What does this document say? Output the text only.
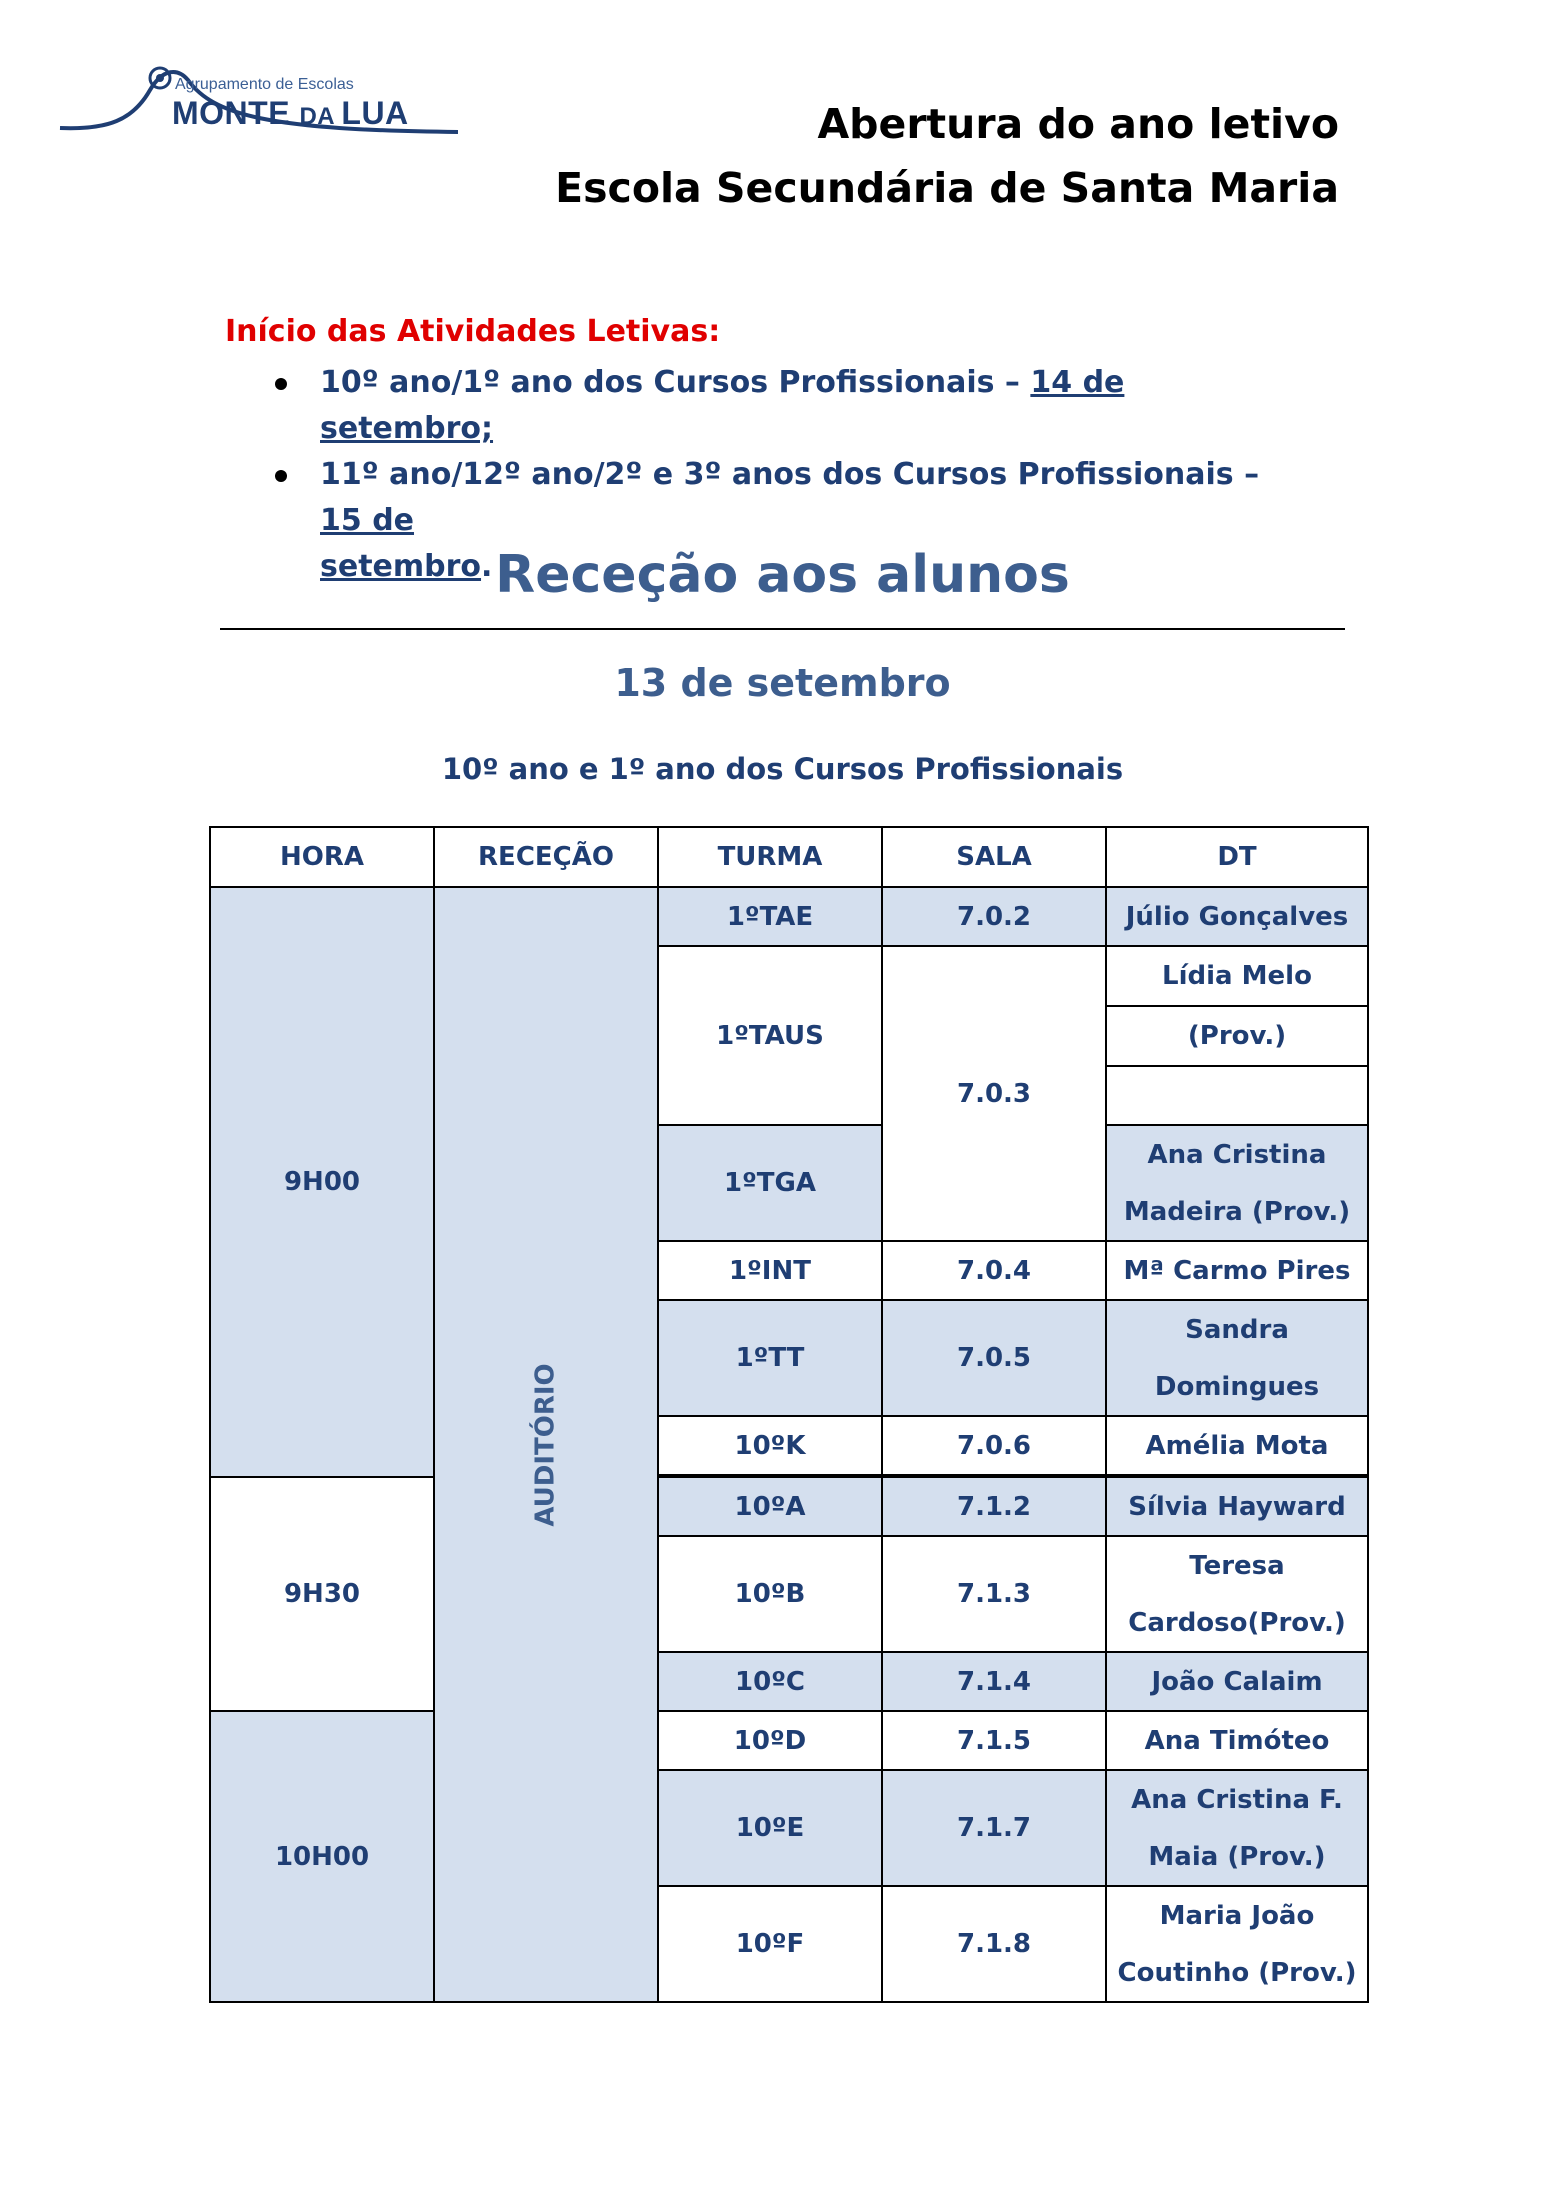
Agrupamento de Escolas
MONTE DA LUA	Abertura do ano letivo
Escola Secundária de Santa Maria
Início das Atividades Letivas:
10º ano/1º ano dos Cursos Profissionais – 14 de setembro;
11º ano/12º ano/2º e 3º anos dos Cursos Profissionais – 15 de
setembro. Receção aos alunos
13 de setembro
10º ano e 1º ano dos Cursos Profissionais
HORA	RECEÇÃO	TURMA	SALA	DT
9H00	AUDITÓRIO	1ºTAE	7.0.2	Júlio Gonçalves
		1ºTAUS	7.0.3	Lídia Melo
				(Prov.)

		1ºTGA		Ana Cristina
				Madeira (Prov.)
		1ºINT	7.0.4	Mª Carmo Pires
		1ºTT	7.0.5	Sandra
				Domingues
		10ºK	7.0.6	Amélia Mota

9H30		10ºA	7.1.2	Sílvia Hayward
		10ºB	7.1.3	Teresa
				Cardoso(Prov.)
		10ºC	7.1.4	João Calaim
10H00		10ºD	7.1.5	Ana Timóteo
		10ºE	7.1.7	Ana Cristina F.
				Maia (Prov.)
		10ºF	7.1.8	Maria João
				Coutinho (Prov.)
